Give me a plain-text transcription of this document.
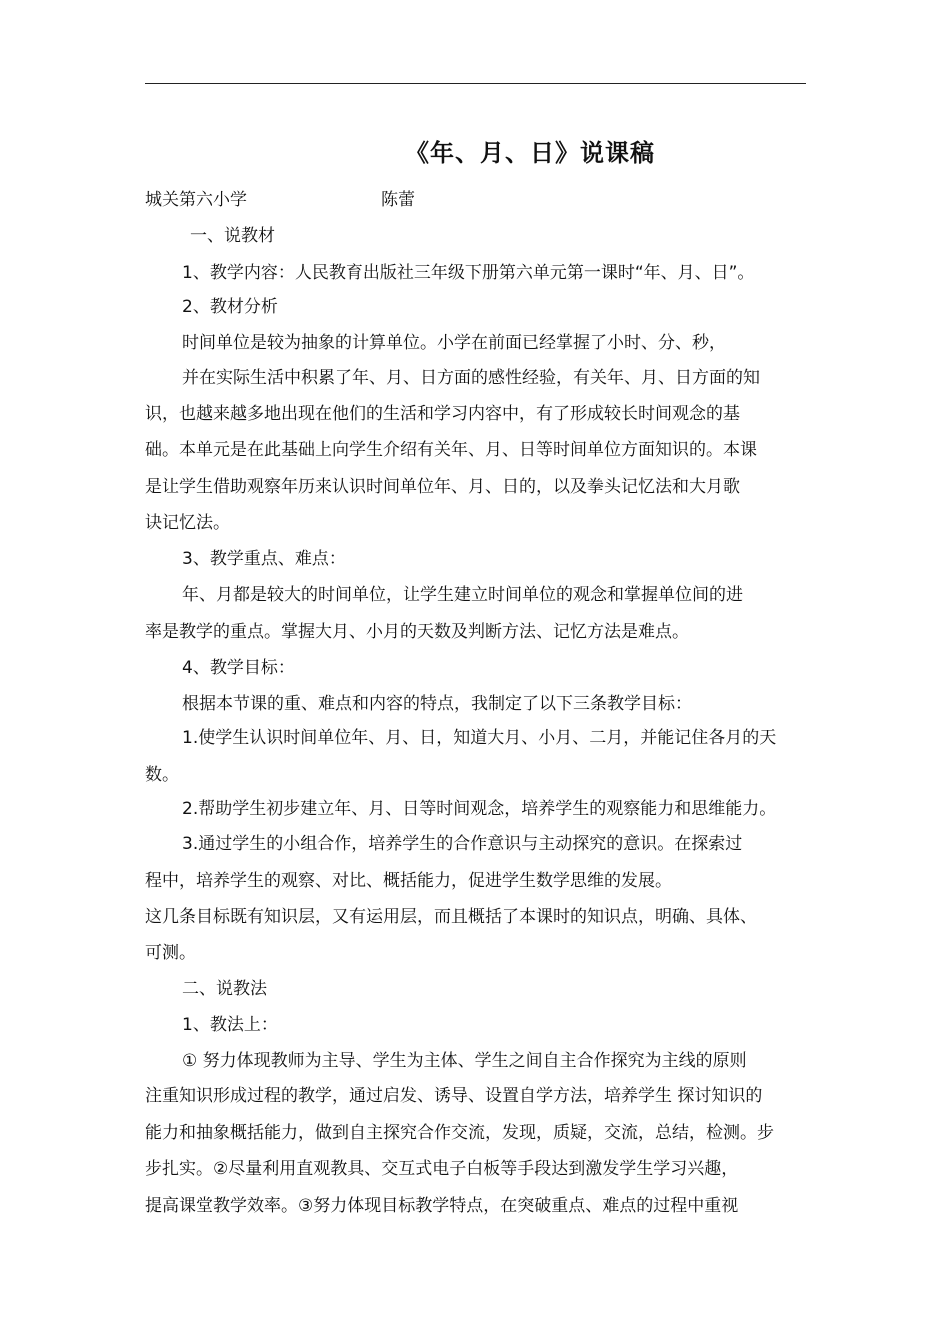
《年、月、日》说课稿
城关第六小学	陈蕾
一、说教材
1、教学内容：人民教育出版社三年级下册第六单元第一课时“年、月、日”。
2、教材分析
时间单位是较为抽象的计算单位。小学在前面已经掌握了小时、分、秒，
并在实际生活中积累了年、月、日方面的感性经验，有关年、月、日方面的知
识，也越来越多地出现在他们的生活和学习内容中，有了形成较长时间观念的基
础。本单元是在此基础上向学生介绍有关年、月、日等时间单位方面知识的。本课
是让学生借助观察年历来认识时间单位年、月、日的，以及拳头记忆法和大月歌
诀记忆法。
3、教学重点、难点：
年、月都是较大的时间单位，让学生建立时间单位的观念和掌握单位间的进
率是教学的重点。掌握大月、小月的天数及判断方法、记忆方法是难点。
4、教学目标：
根据本节课的重、难点和内容的特点，我制定了以下三条教学目标：
1.使学生认识时间单位年、月、日，知道大月、小月、二月，并能记住各月的天
数。
2.帮助学生初步建立年、月、日等时间观念，培养学生的观察能力和思维能力。
3.通过学生的小组合作，培养学生的合作意识与主动探究的意识。在探索过
程中，培养学生的观察、对比、概括能力，促进学生数学思维的发展。
这几条目标既有知识层，又有运用层，而且概括了本课时的知识点，明确、具体、
可测。
二、说教法
1、教法上：
① 努力体现教师为主导、学生为主体、学生之间自主合作探究为主线的原则
注重知识形成过程的教学，通过启发、诱导、设置自学方法，培养学生 探讨知识的
能力和抽象概括能力，做到自主探究合作交流，发现，质疑，交流，总结，检测。步
步扎实。②尽量利用直观教具、交互式电子白板等手段达到激发学生学习兴趣，
提高课堂教学效率。③努力体现目标教学特点，在突破重点、难点的过程中重视
